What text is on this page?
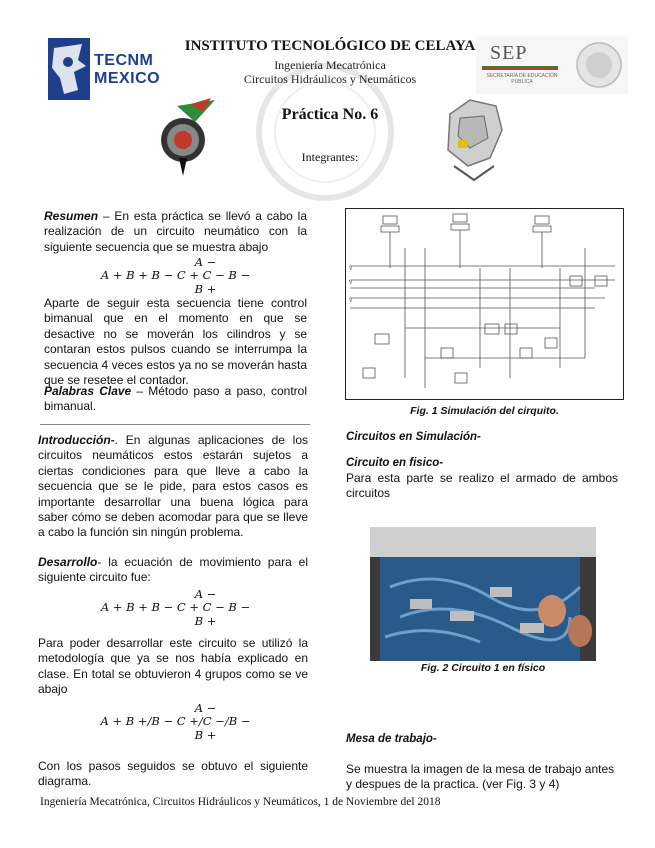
TECNM
MEXICO
INSTITUTO TECNOLÓGICO DE CELAYA
Ingeniería Mecatrónica
Circuitos Hidráulicos y Neumáticos
SEP
SECRETARÍA DE EDUCACIÓN PÚBLICA
Práctica No. 6
Integrantes:
Resumen – En esta práctica se llevó a cabo la realización de un circuito neumático con la siguiente secuencia que se muestra abajo
A −
A + B + B − C + C − B −
B +
Aparte de seguir esta secuencia tiene control bimanual que en el momento en que se desactive no se moverán los cilindros y se contaran estos pulsos cuando se interrumpa la secuencia 4 veces estos ya no se moverán hasta que se resetee el contador.
Palabras Clave – Método paso a paso, control bimanual.
Introducción-. En algunas aplicaciones de los circuitos neumáticos estos estarán sujetos a ciertas condiciones para que lleve a cabo la secuencia que se le pide, para estos casos es importante desarrollar una buena lógica para saber cómo se deben acomodar para que se lleve a cabo la función sin ningún problema.
Desarrollo- la ecuación de movimiento para el siguiente circuito fue:
A −
A + B + B − C + C − B −
B +
Para poder desarrollar este circuito se utilizó la metodología que ya se nos había explicado en clase. En total se obtuvieron 4 grupos como se ve abajo
A −
A + B +/B − C +/C −/B −
B +
Con los pasos seguidos se obtuvo el siguiente diagrama.
V
V
V
Fig. 1 Simulación del cirquito.
Circuitos en Simulación-
Circuito en fisico-
Para esta parte se realizo el armado de ambos circuitos
Fig. 2 Circuito 1 en físico
Mesa de trabajo-
Se muestra la imagen de la mesa de trabajo antes y despues de la practica. (ver Fig. 3 y 4)
Ingeniería Mecatrónica, Circuitos Hidráulicos y Neumáticos, 1 de Noviembre del 2018
